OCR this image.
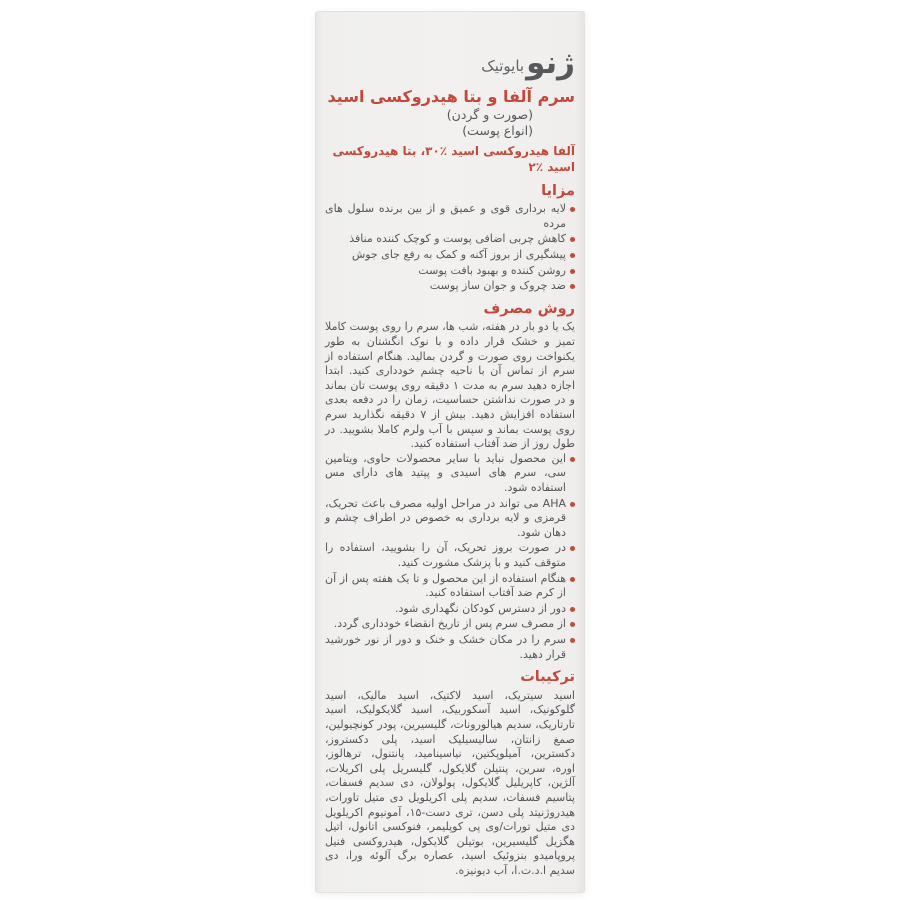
ژنو
بایوتیک
سرم آلفا و بتا هیدروکسی اسید
(صورت و گردن)
(انواع پوست)
آلفا هیدروکسی اسید ٪۳۰، بتا هیدروکسی اسید ٪۲
مزایا
لایه برداری قوی و عمیق و از بین برنده سلول های مرده
کاهش چربی اضافی پوست و کوچک کننده منافذ
پیشگیری از بروز آکنه و کمک به رفع جای جوش
روشن کننده و بهبود بافت پوست
ضد چروک و جوان ساز پوست
روش مصرف

یک یا دو بار در هفته، شب ها، سرم را روی پوست کاملا تمیز و خشک قرار داده و با نوک انگشتان به طور یکنواخت روی صورت و گردن بمالید. هنگام استفاده از سرم از تماس آن با ناحیه چشم خودداری کنید. ابتدا اجازه دهید سرم به مدت ۱ دقیقه روی پوست تان بماند و در صورت نداشتن حساسیت، زمان را در دفعه بعدی استفاده افزایش دهید. بیش از ۷ دقیقه نگذارید سرم روی پوست بماند و سپس با آب ولرم کاملا بشویید. در طول روز از ضد آفتاب استفاده کنید.

این محصول نباید با سایر محصولات حاوی، ویتامین سی، سرم های اسیدی و پپتید های دارای مس استفاده شود.
AHA می تواند در مراحل اولیه مصرف باعث تحریک، قرمزی و لایه برداری به خصوص در اطراف چشم و دهان شود.
در صورت بروز تحریک، آن را بشویید، استفاده را متوقف کنید و با پزشک مشورت کنید.
هنگام استفاده از این محصول و تا یک هفته پس از آن از کرم ضد آفتاب استفاده کنید.
دور از دسترس کودکان نگهداری شود.
از مصرف سرم پس از تاریخ انقضاء خودداری گردد.
سرم را در مکان خشک و خنک و دور از نور خورشید قرار دهید.
ترکیبات

اسید سیتریک، اسید لاکتیک، اسید مالیک، اسید گلوکونیک، اسید آسکوربیک، اسید گلایکولیک، اسید تارتاریک، سدیم هیالورونات، گلیسیرین، پودر کونچیولین، صمغ زانتان، سالیسیلیک اسید، پلی دکستروز، دکسترین، آمیلوپکتین، نیاسینامید، پانتنول، ترهالوز، اوره، سرین، پنتیلن گلایکول، گلیسریل پلی اکریلات، آلژین، کاپریلیل گلایکول، پولولان، دی سدیم فسفات، پتاسیم فسفات، سدیم پلی اکریلویل دی متیل تاورات، هیدروژنیتد پلی دسن، تری دست-۱۵، آمونیوم اکریلویل دی متیل تورات/وی پی کوپلیمر، فنوکسی اتانول، اتیل هگزیل گلیسیرین، بوتیلن گلایکول، هیدروکسی فنیل پروپامیدو بنزوئیک اسید، عصاره برگ آلوئه ورا، دی سدیم ا.د.ت.ا، آب دیونیزه.
